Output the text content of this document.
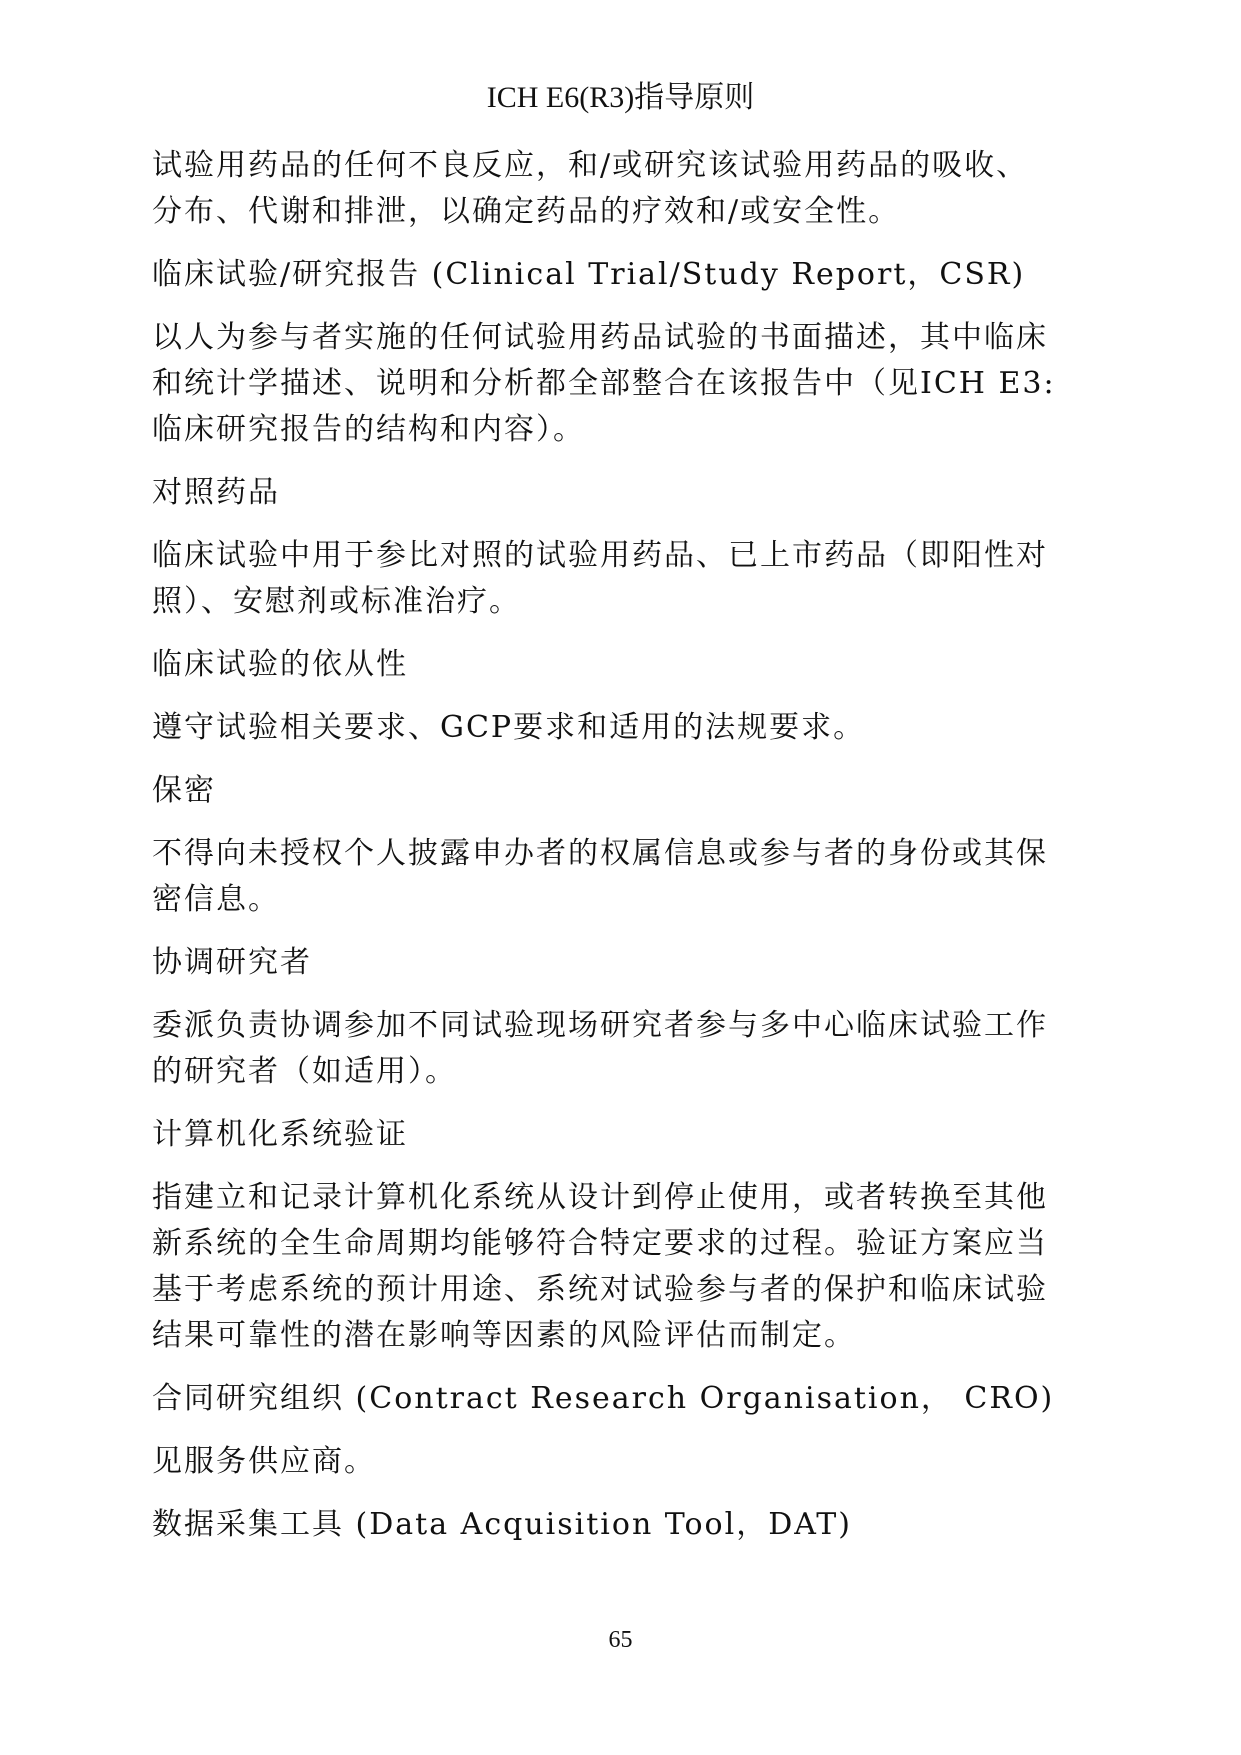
ICH E6(R3)指导原则
试验用药品的任何不良反应，和/或研究该试验用药品的吸收、
分布、代谢和排泄，以确定药品的疗效和/或安全性。
临床试验/研究报告 (Clinical Trial/Study Report，CSR)
以人为参与者实施的任何试验用药品试验的书面描述，其中临床
和统计学描述、说明和分析都全部整合在该报告中（见ICH E3:
临床研究报告的结构和内容）。
对照药品
临床试验中用于参比对照的试验用药品、已上市药品（即阳性对
照）、安慰剂或标准治疗。
临床试验的依从性
遵守试验相关要求、GCP要求和适用的法规要求。
保密
不得向未授权个人披露申办者的权属信息或参与者的身份或其保
密信息。
协调研究者
委派负责协调参加不同试验现场研究者参与多中心临床试验工作
的研究者（如适用）。
计算机化系统验证
指建立和记录计算机化系统从设计到停止使用，或者转换至其他
新系统的全生命周期均能够符合特定要求的过程。验证方案应当
基于考虑系统的预计用途、系统对试验参与者的保护和临床试验
结果可靠性的潜在影响等因素的风险评估而制定。
合同研究组织 (Contract Research Organisation， CRO)
见服务供应商。
数据采集工具 (Data Acquisition Tool，DAT)
65
